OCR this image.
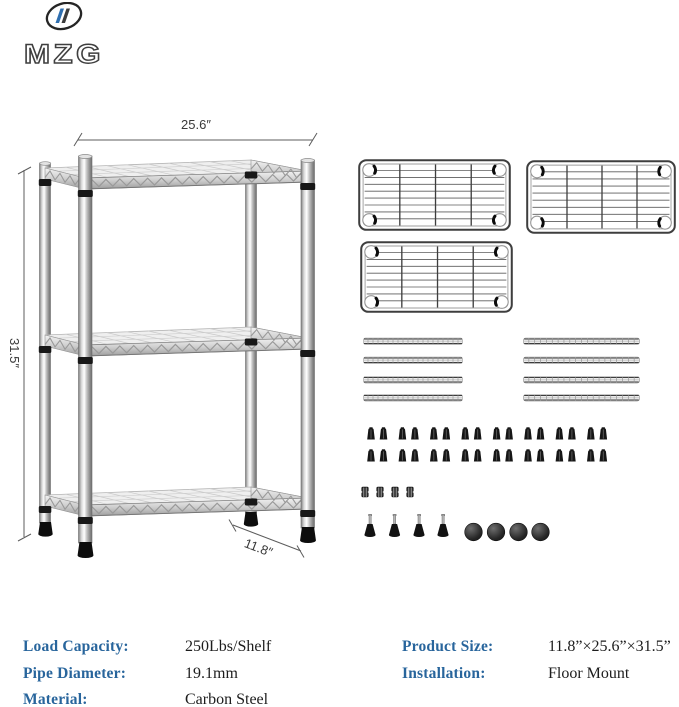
MZG
25.6″
31.5″
11.8″
Load Capacity:	250Lbs/Shelf
Pipe Diameter:	19.1mm
Material:	Carbon Steel
Product Size:	11.8”×25.6”×31.5”
Installation:	Floor Mount
